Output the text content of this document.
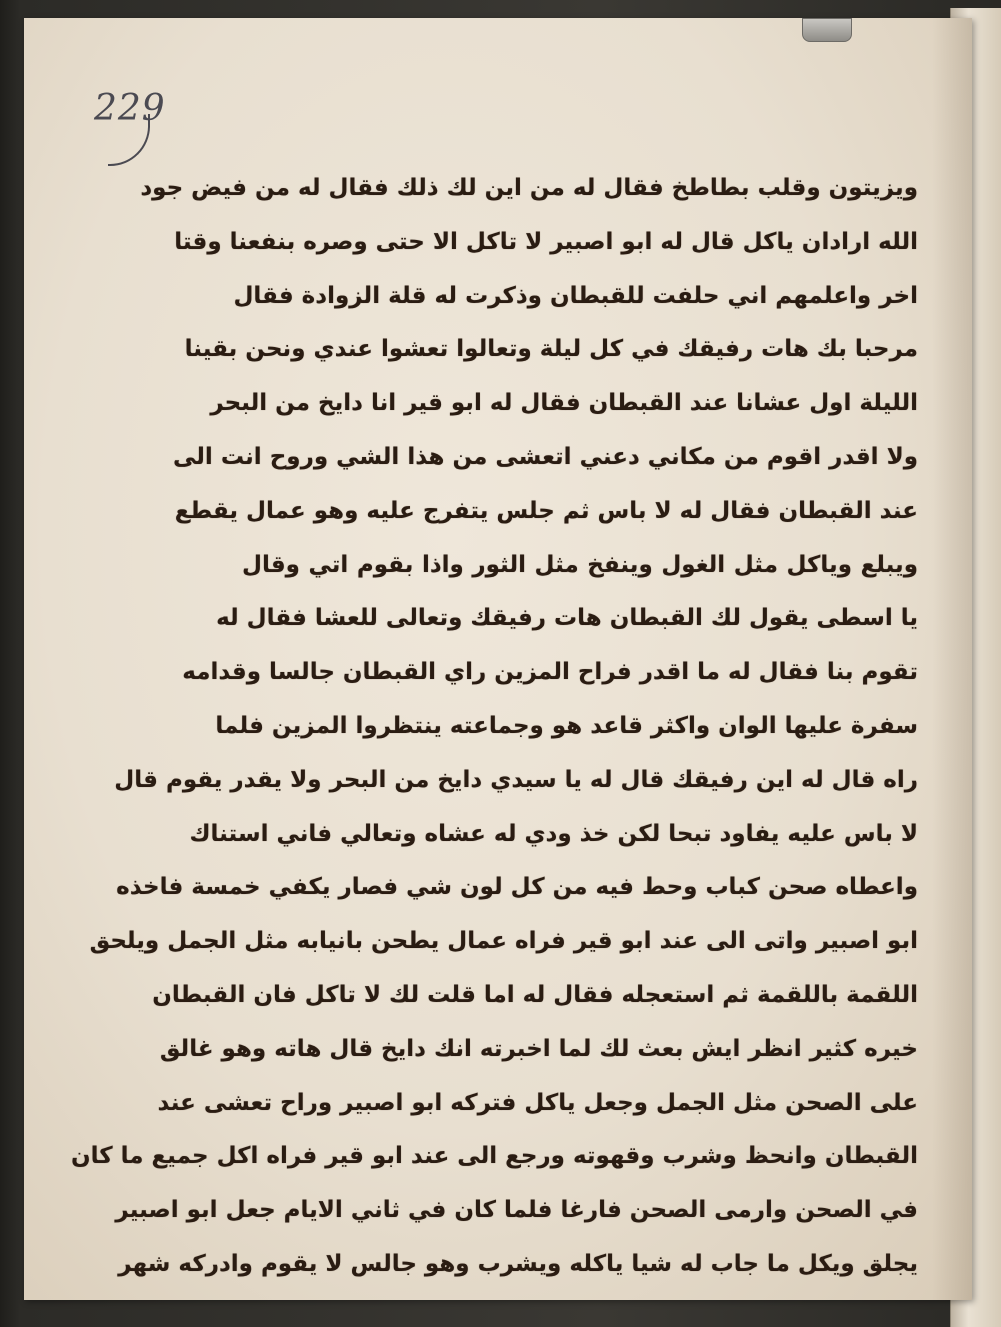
229
ويزيتون وقلب بطاطخ فقال له من اين لك ذلك فقال له من فيض جود
الله ارادان ياكل قال له ابو اصبير لا تاكل الا حتى وصره بنفعنا وقتا
اخر واعلمهم اني حلفت للقبطان وذكرت له قلة الزوادة فقال
مرحبا بك هات رفيقك في كل ليلة وتعالوا تعشوا عندي ونحن بقينا
الليلة اول عشانا عند القبطان فقال له ابو قير انا دايخ من البحر
ولا اقدر اقوم من مكاني دعني اتعشى من هذا الشي وروح انت الى
عند القبطان فقال له لا باس ثم جلس يتفرج عليه وهو عمال يقطع
ويبلع وياكل مثل الغول وينفخ مثل الثور واذا بقوم اتي وقال
يا اسطى يقول لك القبطان هات رفيقك وتعالى للعشا فقال له
تقوم بنا فقال له ما اقدر فراح المزين راي القبطان جالسا وقدامه
سفرة عليها الوان واكثر قاعد هو وجماعته ينتظروا المزين فلما
راه قال له اين رفيقك قال له يا سيدي دايخ من البحر ولا يقدر يقوم قال
لا باس عليه يفاود تبحا لكن خذ ودي له عشاه وتعالي فاني استناك
واعطاه صحن كباب وحط فيه من كل لون شي فصار يكفي خمسة فاخذه
ابو اصبير واتى الى عند ابو قير فراه عمال يطحن بانيابه مثل الجمل ويلحق
اللقمة باللقمة ثم استعجله فقال له اما قلت لك لا تاكل فان القبطان
خيره كثير انظر ايش بعث لك لما اخبرته انك دايخ قال هاته وهو غالق
على الصحن مثل الجمل وجعل ياكل فتركه ابو اصبير وراح تعشى عند
القبطان وانحظ وشرب وقهوته ورجع الى عند ابو قير فراه اكل جميع ما كان
في الصحن وارمى الصحن فارغا فلما كان في ثاني الايام جعل ابو اصبير
يجلق ويكل ما جاب له شيا ياكله ويشرب وهو جالس لا يقوم وادركه شهر
